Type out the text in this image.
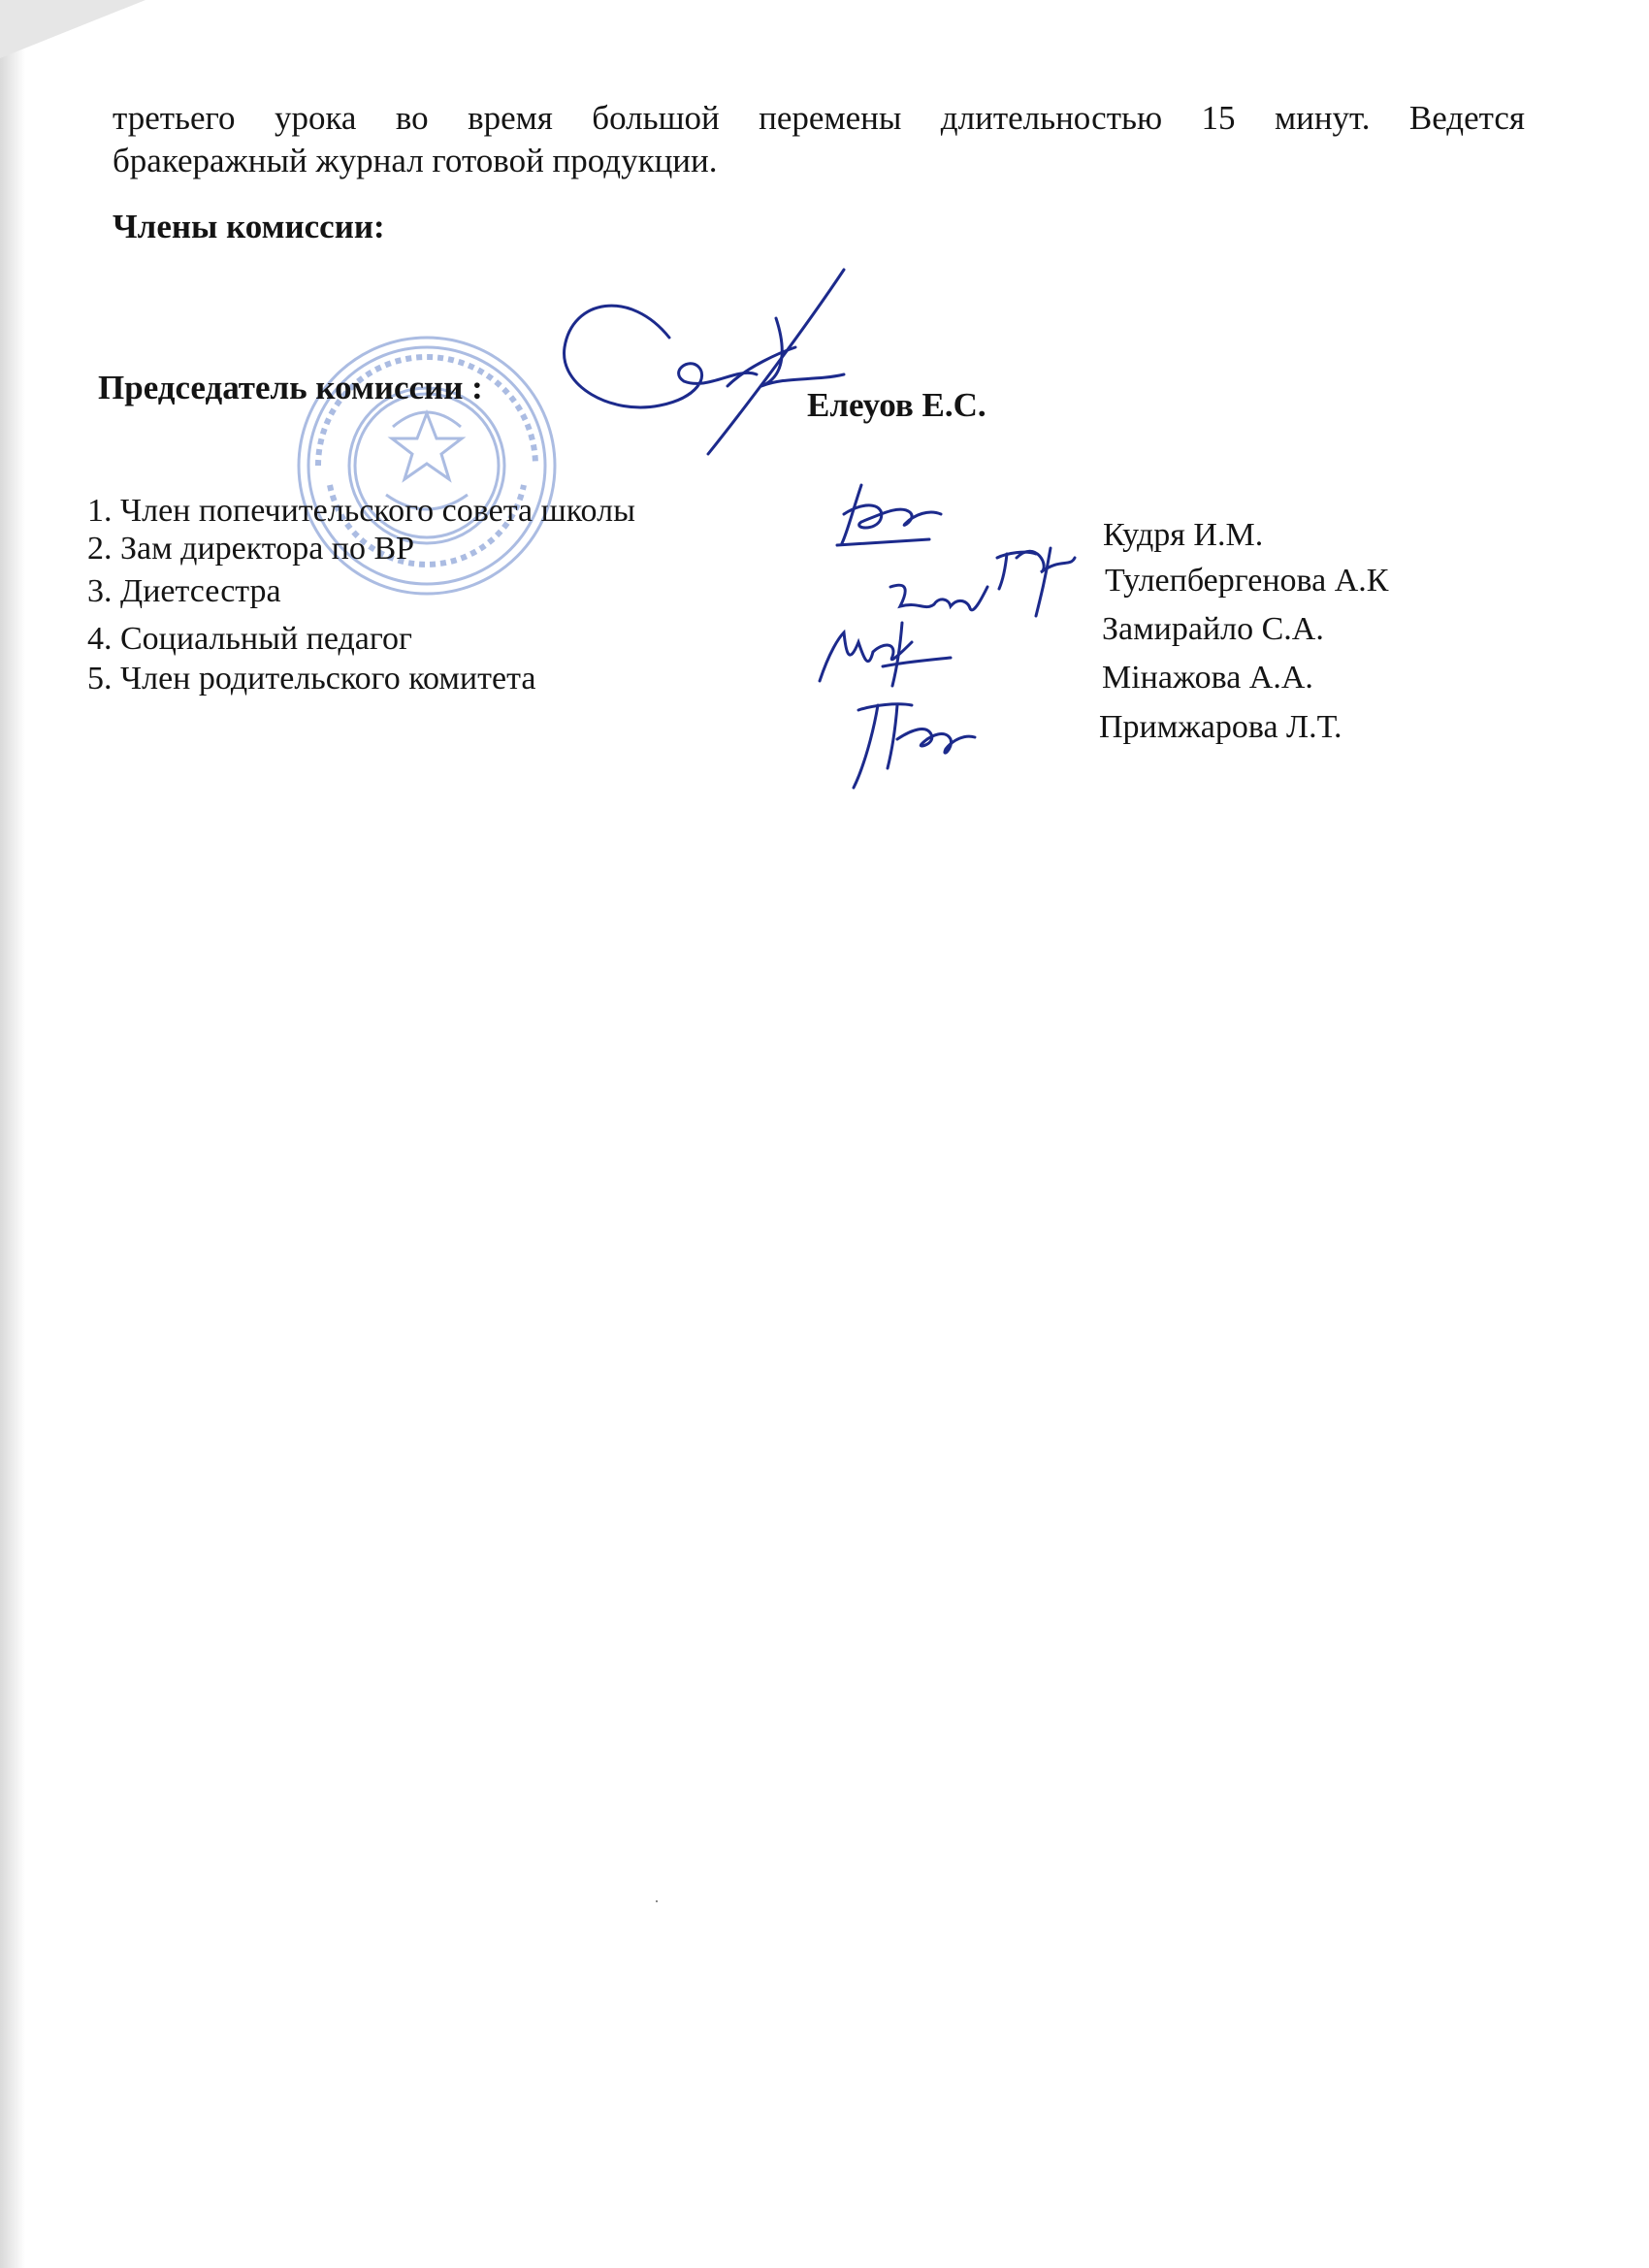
третьего урока во время большой перемены длительностью 15 минут. Ведется
бракеражный журнал готовой продукции.
Члены комиссии:
Председатель комиссии :	Елеуов Е.С.
1. Член попечительского совета школы
2. Зам директора по ВР
3. Диетсестра
4. Социальный педагог
5. Член родительского комитета
Кудря И.М.
Тулепбергенова А.К
Замирайло С.А.
Мінажова А.А.
Примжарова Л.Т.
